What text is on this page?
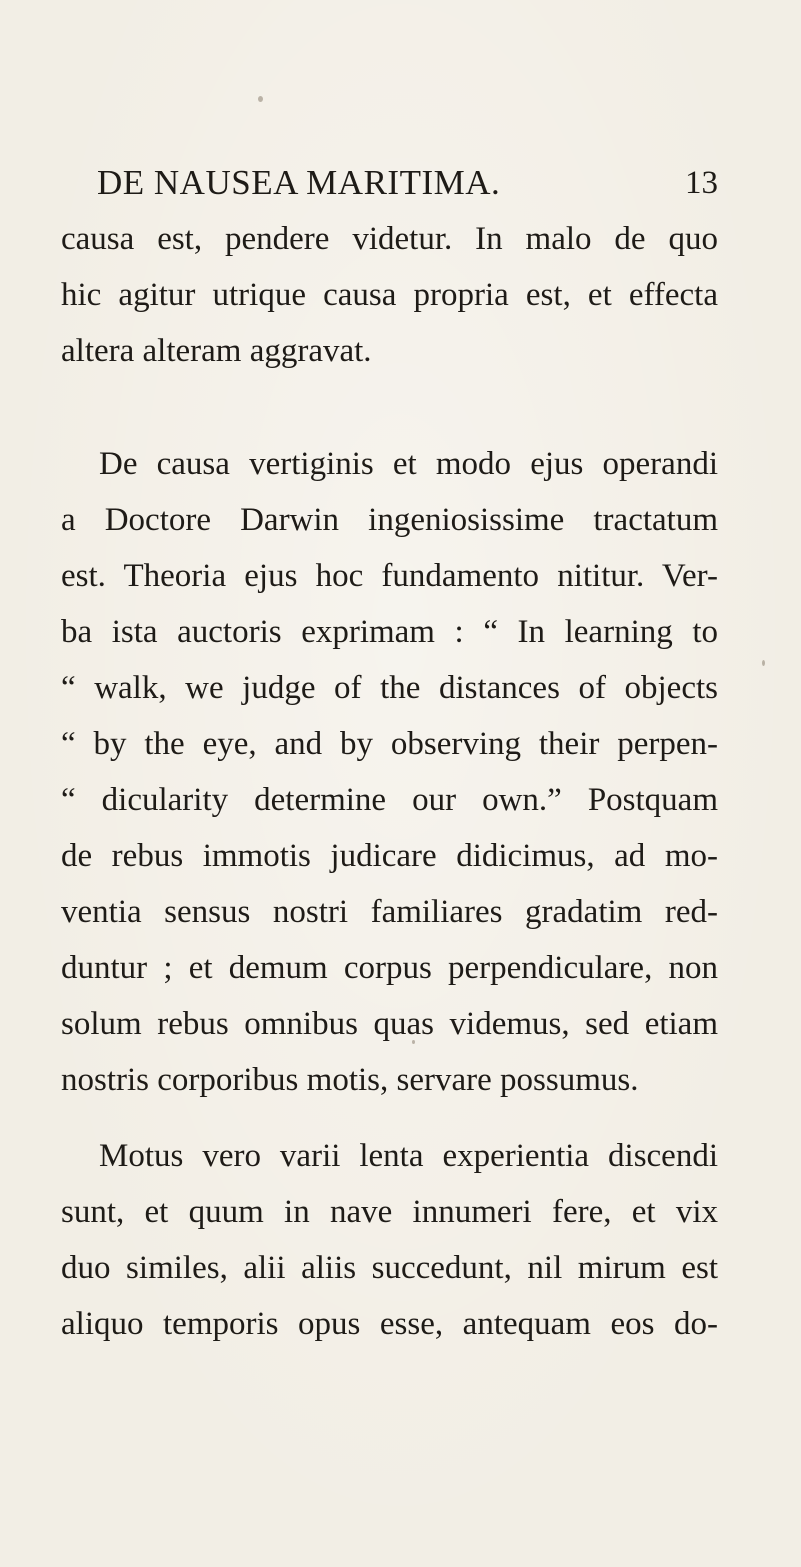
DE NAUSEA MARITIMA.	13
causa est, pendere videtur. In malo de quo
hic agitur utrique causa propria est, et effecta
altera alteram aggravat.
De causa vertiginis et modo ejus operandi
a Doctore Darwin ingeniosissime tractatum
est. Theoria ejus hoc fundamento nititur. Ver-
ba ista auctoris exprimam : “ In learning to
“ walk, we judge of the distances of objects
“ by the eye, and by observing their perpen-
“ dicularity determine our own.” Postquam
de rebus immotis judicare didicimus, ad mo-
ventia sensus nostri familiares gradatim red-
duntur ; et demum corpus perpendiculare, non
solum rebus omnibus quas videmus, sed etiam
nostris corporibus motis, servare possumus.
Motus vero varii lenta experientia discendi
sunt, et quum in nave innumeri fere, et vix
duo similes, alii aliis succedunt, nil mirum est
aliquo temporis opus esse, antequam eos do-
